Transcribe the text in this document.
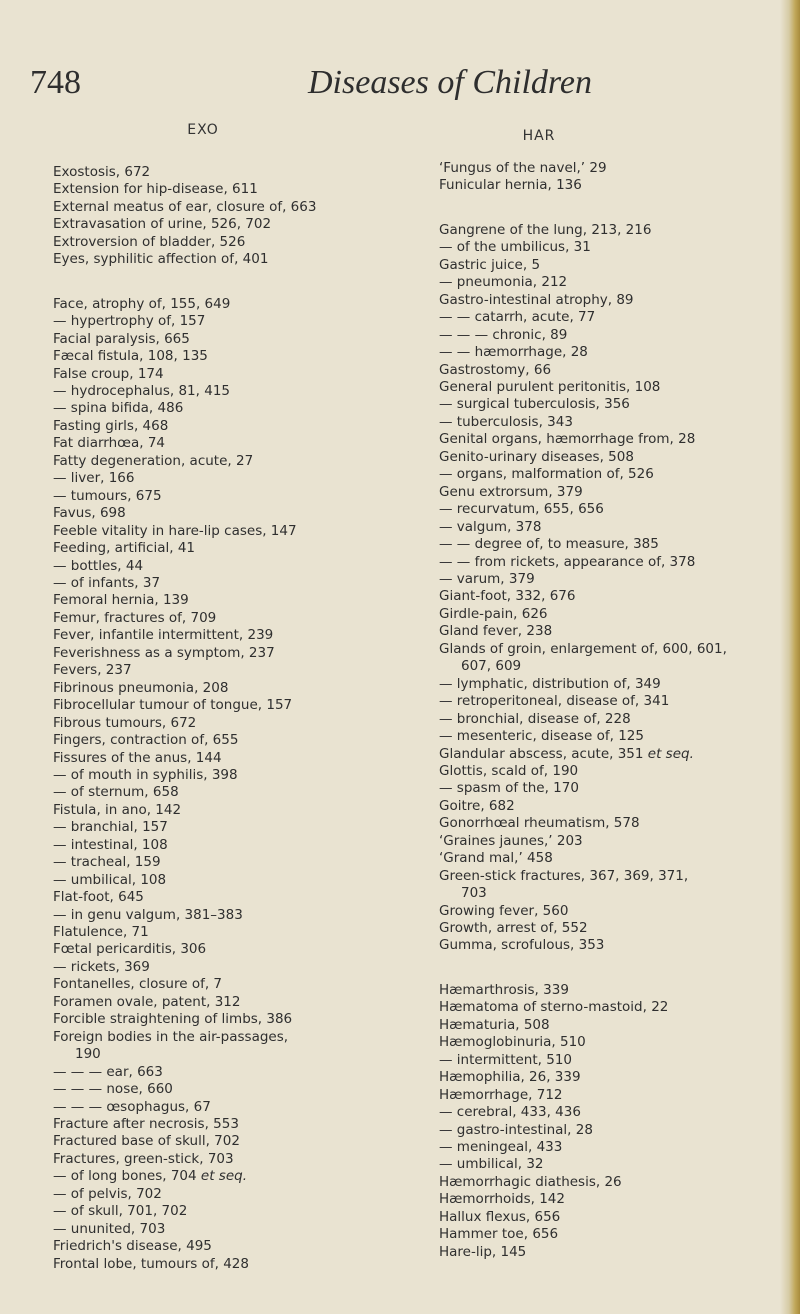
748	Diseases of Children
EXO
Exostosis, 672
Extension for hip-disease, 611
External meatus of ear, closure of, 663
Extravasation of urine, 526, 702
Extroversion of bladder, 526
Eyes, syphilitic affection of, 401
Face, atrophy of, 155, 649
— hypertrophy of, 157
Facial paralysis, 665
Fæcal fistula, 108, 135
False croup, 174
— hydrocephalus, 81, 415
— spina bifida, 486
Fasting girls, 468
Fat diarrhœa, 74
Fatty degeneration, acute, 27
— liver, 166
— tumours, 675
Favus, 698
Feeble vitality in hare-lip cases, 147
Feeding, artificial, 41
— bottles, 44
— of infants, 37
Femoral hernia, 139
Femur, fractures of, 709
Fever, infantile intermittent, 239
Feverishness as a symptom, 237
Fevers, 237
Fibrinous pneumonia, 208
Fibrocellular tumour of tongue, 157
Fibrous tumours, 672
Fingers, contraction of, 655
Fissures of the anus, 144
— of mouth in syphilis, 398
— of sternum, 658
Fistula, in ano, 142
— branchial, 157
— intestinal, 108
— tracheal, 159
— umbilical, 108
Flat-foot, 645
— in genu valgum, 381–383
Flatulence, 71
Fœtal pericarditis, 306
— rickets, 369
Fontanelles, closure of, 7
Foramen ovale, patent, 312
Forcible straightening of limbs, 386
Foreign bodies in the air-passages,
190
— — — ear, 663
— — — nose, 660
— — — œsophagus, 67
Fracture after necrosis, 553
Fractured base of skull, 702
Fractures, green-stick, 703
— of long bones, 704 et seq.
— of pelvis, 702
— of skull, 701, 702
— ununited, 703
Friedrich's disease, 495
Frontal lobe, tumours of, 428
HAR
‘Fungus of the navel,’ 29
Funicular hernia, 136
Gangrene of the lung, 213, 216
— of the umbilicus, 31
Gastric juice, 5
— pneumonia, 212
Gastro-intestinal atrophy, 89
— — catarrh, acute, 77
— — — chronic, 89
— — hæmorrhage, 28
Gastrostomy, 66
General purulent peritonitis, 108
— surgical tuberculosis, 356
— tuberculosis, 343
Genital organs, hæmorrhage from, 28
Genito-urinary diseases, 508
— organs, malformation of, 526
Genu extrorsum, 379
— recurvatum, 655, 656
— valgum, 378
— — degree of, to measure, 385
— — from rickets, appearance of, 378
— varum, 379
Giant-foot, 332, 676
Girdle-pain, 626
Gland fever, 238
Glands of groin, enlargement of, 600, 601,
607, 609
— lymphatic, distribution of, 349
— retroperitoneal, disease of, 341
— bronchial, disease of, 228
— mesenteric, disease of, 125
Glandular abscess, acute, 351 et seq.
Glottis, scald of, 190
— spasm of the, 170
Goitre, 682
Gonorrhœal rheumatism, 578
‘Graines jaunes,’ 203
‘Grand mal,’ 458
Green-stick fractures, 367, 369, 371,
703
Growing fever, 560
Growth, arrest of, 552
Gumma, scrofulous, 353
Hæmarthrosis, 339
Hæmatoma of sterno-mastoid, 22
Hæmaturia, 508
Hæmoglobinuria, 510
— intermittent, 510
Hæmophilia, 26, 339
Hæmorrhage, 712
— cerebral, 433, 436
— gastro-intestinal, 28
— meningeal, 433
— umbilical, 32
Hæmorrhagic diathesis, 26
Hæmorrhoids, 142
Hallux flexus, 656
Hammer toe, 656
Hare-lip, 145
